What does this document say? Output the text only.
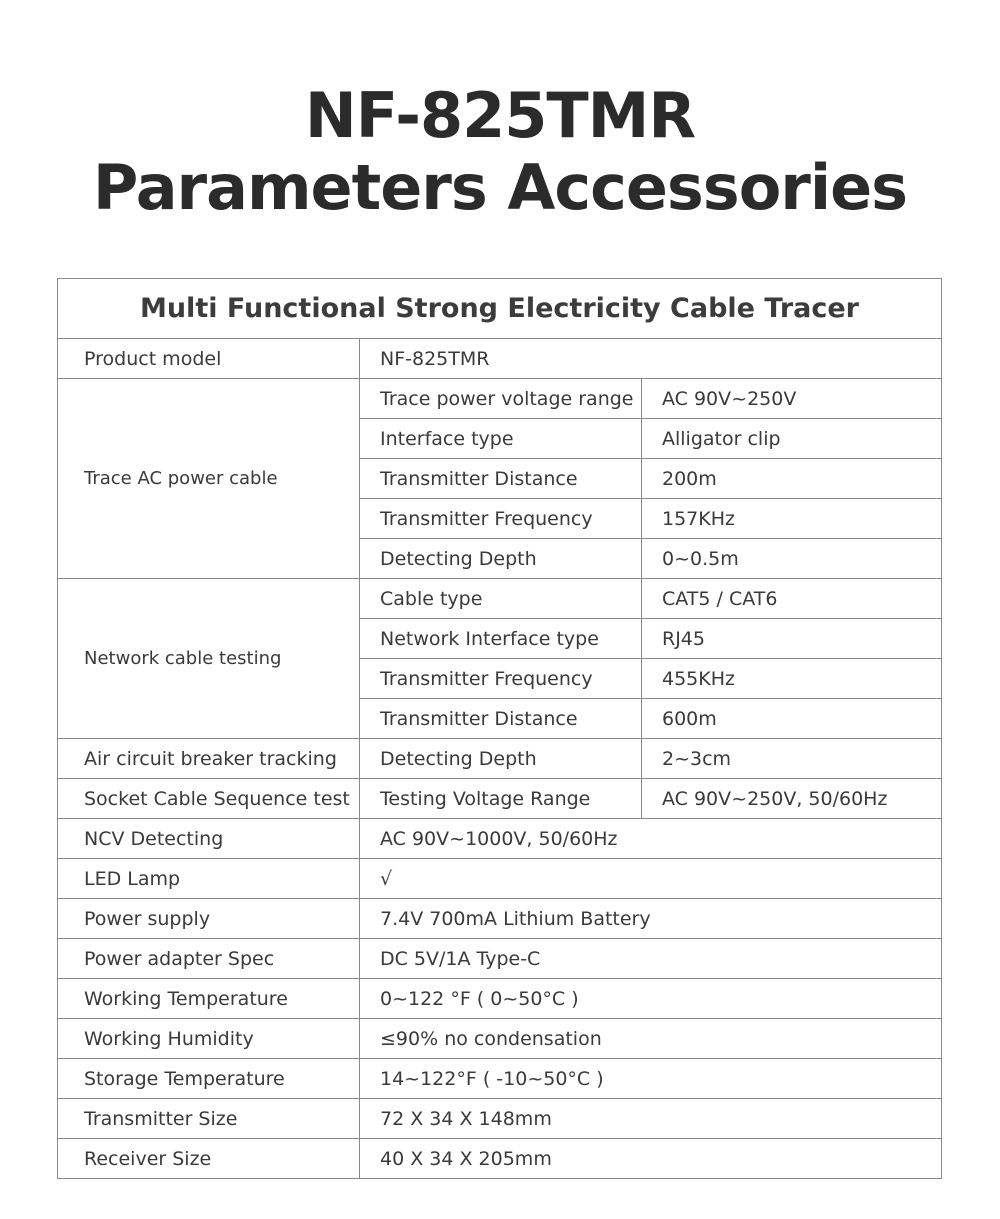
NF-825TMR
Parameters Accessories
Multi Functional Strong Electricity Cable Tracer		
Product model	NF-825TMR	
Trace AC power cable	Trace power voltage range	AC 90V~250V
	Interface type	Alligator clip
	Transmitter Distance	200m
	Transmitter Frequency	157KHz
	Detecting Depth	0~0.5m
Network cable testing	Cable type	CAT5 / CAT6
	Network Interface type	RJ45
	Transmitter Frequency	455KHz
	Transmitter Distance	600m
Air circuit breaker tracking	Detecting Depth	2~3cm
Socket Cable Sequence test	Testing Voltage Range	AC 90V~250V, 50/60Hz
NCV Detecting	AC 90V~1000V, 50/60Hz	
LED Lamp	√	
Power supply	7.4V 700mA Lithium Battery	
Power adapter Spec	DC 5V/1A Type-C	
Working Temperature	0~122 °F ( 0~50°C )	
Working Humidity	≤90% no condensation	
Storage Temperature	14~122°F ( -10~50°C )	
Transmitter Size	72 X 34 X 148mm	
Receiver Size	40 X 34 X 205mm	
